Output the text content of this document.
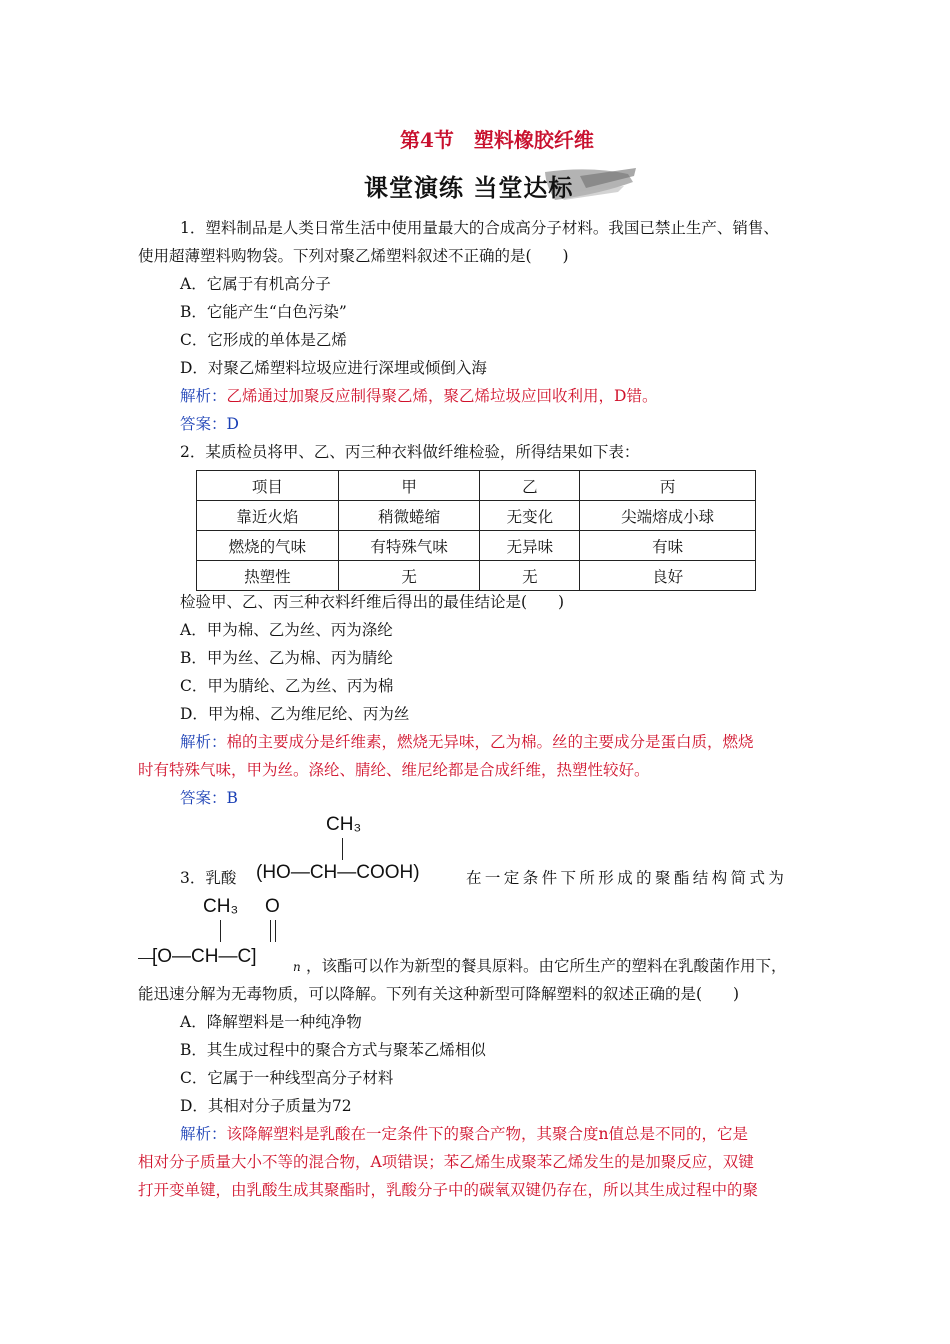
第4节　塑料橡胶纤维
课堂演练 当堂达标
1．塑料制品是人类日常生活中使用量最大的合成高分子材料。我国已禁止生产、销售、
使用超薄塑料购物袋。下列对聚乙烯塑料叙述不正确的是(　　)
A．它属于有机高分子
B．它能产生“白色污染”
C．它形成的单体是乙烯
D．对聚乙烯塑料垃圾应进行深埋或倾倒入海
解析：乙烯通过加聚反应制得聚乙烯，聚乙烯垃圾应回收利用，D错。
答案：D
2．某质检员将甲、乙、丙三种衣料做纤维检验，所得结果如下表：
项目	甲	乙	丙
靠近火焰	稍微蜷缩	无变化	尖端熔成小球
燃烧的气味	有特殊气味	无异味	有味
热塑性	无	无	良好
检验甲、乙、丙三种衣料纤维后得出的最佳结论是(　　)
A．甲为棉、乙为丝、丙为涤纶
B．甲为丝、乙为棉、丙为腈纶
C．甲为腈纶、乙为丝、丙为棉
D．甲为棉、乙为维尼纶、丙为丝
解析：棉的主要成分是纤维素，燃烧无异味，乙为棉。丝的主要成分是蛋白质，燃烧
时有特殊气味，甲为丝。涤纶、腈纶、维尼纶都是合成纤维，热塑性较好。
答案：B
CH₃
3．乳酸 (HO—CH—COOH)	在一定条件下所形成的聚酯结构简式为
CH₃ O
[O—CH—C]	n ，该酯可以作为新型的餐具原料。由它所生产的塑料在乳酸菌作用下，
能迅速分解为无毒物质，可以降解。下列有关这种新型可降解塑料的叙述正确的是(　　)
A．降解塑料是一种纯净物
B．其生成过程中的聚合方式与聚苯乙烯相似
C．它属于一种线型高分子材料
D．其相对分子质量为72
解析：该降解塑料是乳酸在一定条件下的聚合产物，其聚合度n值总是不同的，它是
相对分子质量大小不等的混合物，A项错误；苯乙烯生成聚苯乙烯发生的是加聚反应，双键
打开变单键，由乳酸生成其聚酯时，乳酸分子中的碳氧双键仍存在，所以其生成过程中的聚
